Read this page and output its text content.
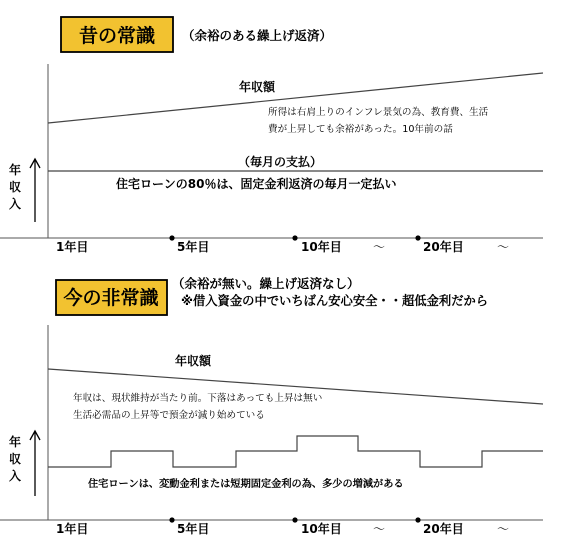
昔の常識 （余裕のある繰上げ返済）
年
収
入
年収額
所得は右肩上りのインフレ景気の為、教育費、生活
費が上昇しても余裕があった。10年前の話
（毎月の支払）
住宅ローンの80％は、固定金利返済の毎月一定払い
1年目	5年目	10年目	〜	20年目	〜
今の非常識
（余裕が無い。繰上げ返済なし）
※借入資金の中でいちばん安心安全・・超低金利だから
年
収
入
年収額
年収は、現状維持が当たり前。下落はあっても上昇は無い
生活必需品の上昇等で預金が減り始めている
住宅ローンは、変動金利または短期固定金利の為、多少の増減がある
1年目	5年目	10年目	〜	20年目	〜
